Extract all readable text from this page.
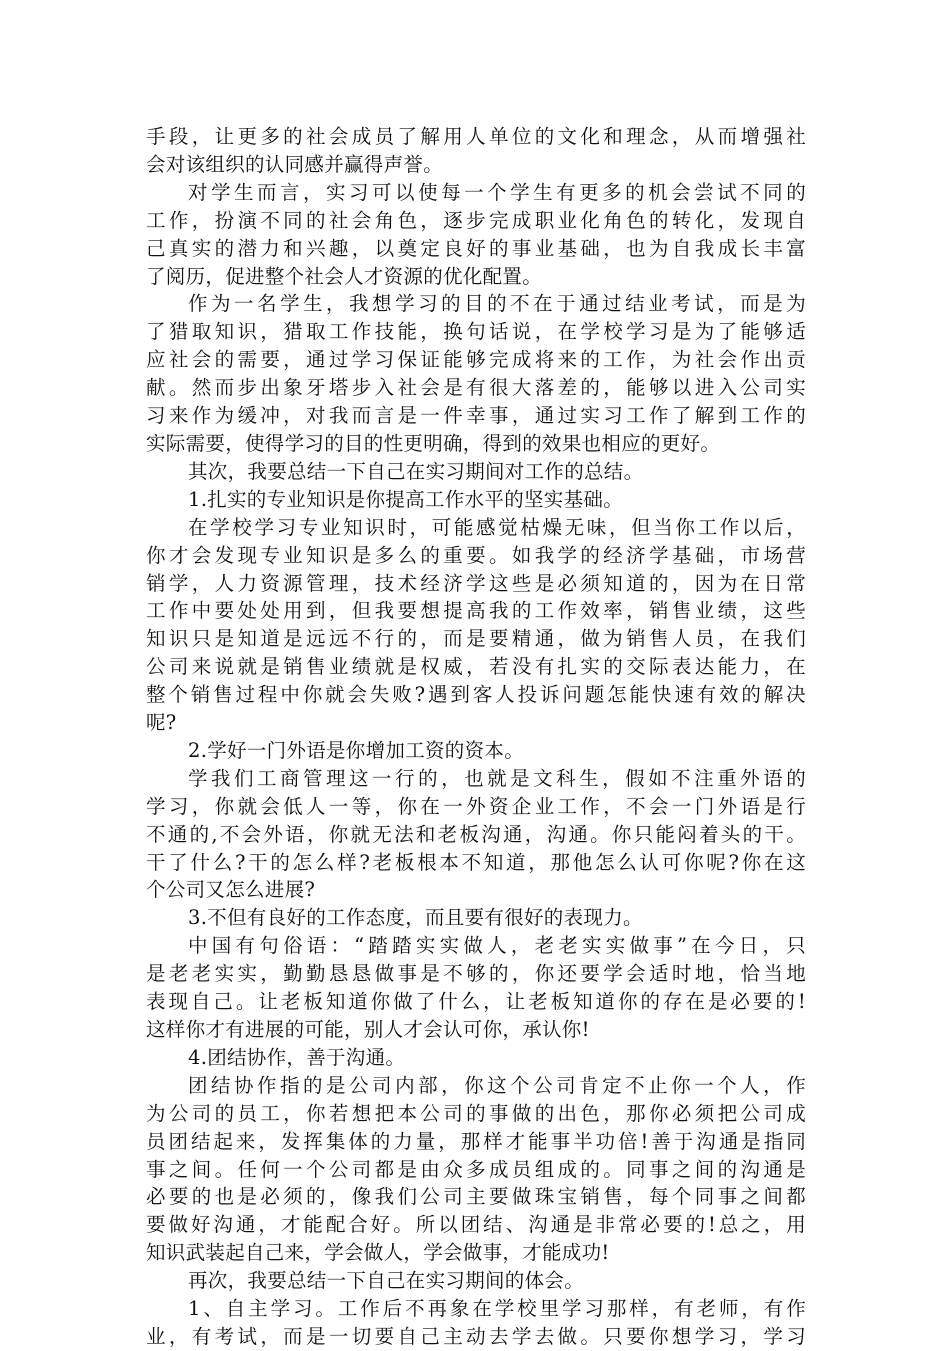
手段，让更多的社会成员了解用人单位的文化和理念，从而增强社
会对该组织的认同感并赢得声誉。
对学生而言，实习可以使每一个学生有更多的机会尝试不同的
工作，扮演不同的社会角色，逐步完成职业化角色的转化，发现自
己真实的潜力和兴趣，以奠定良好的事业基础，也为自我成长丰富
了阅历，促进整个社会人才资源的优化配置。
作为一名学生，我想学习的目的不在于通过结业考试，而是为
了猎取知识，猎取工作技能，换句话说，在学校学习是为了能够适
应社会的需要，通过学习保证能够完成将来的工作，为社会作出贡
献。然而步出象牙塔步入社会是有很大落差的，能够以进入公司实
习来作为缓冲，对我而言是一件幸事，通过实习工作了解到工作的
实际需要，使得学习的目的性更明确，得到的效果也相应的更好。
其次，我要总结一下自己在实习期间对工作的总结。
1.扎实的专业知识是你提高工作水平的坚实基础。
在学校学习专业知识时，可能感觉枯燥无味，但当你工作以后，
你才会发现专业知识是多么的重要。如我学的经济学基础，市场营
销学，人力资源管理，技术经济学这些是必须知道的，因为在日常
工作中要处处用到，但我要想提高我的工作效率，销售业绩，这些
知识只是知道是远远不行的，而是要精通，做为销售人员，在我们
公司来说就是销售业绩就是权威，若没有扎实的交际表达能力，在
整个销售过程中你就会失败?遇到客人投诉问题怎能快速有效的解决
呢?
2.学好一门外语是你增加工资的资本。
学我们工商管理这一行的，也就是文科生，假如不注重外语的
学习，你就会低人一等，你在一外资企业工作，不会一门外语是行
不通的,不会外语，你就无法和老板沟通，沟通。你只能闷着头的干。
干了什么?干的怎么样?老板根本不知道，那他怎么认可你呢?你在这
个公司又怎么进展?
3.不但有良好的工作态度，而且要有很好的表现力。
中国有句俗语：“踏踏实实做人，老老实实做事”在今日，只
是老老实实，勤勤恳恳做事是不够的，你还要学会适时地，恰当地
表现自己。让老板知道你做了什么，让老板知道你的存在是必要的!
这样你才有进展的可能，别人才会认可你，承认你!
4.团结协作，善于沟通。
团结协作指的是公司内部，你这个公司肯定不止你一个人，作
为公司的员工，你若想把本公司的事做的出色，那你必须把公司成
员团结起来，发挥集体的力量，那样才能事半功倍!善于沟通是指同
事之间。任何一个公司都是由众多成员组成的。同事之间的沟通是
必要的也是必须的，像我们公司主要做珠宝销售，每个同事之间都
要做好沟通，才能配合好。所以团结、沟通是非常必要的!总之，用
知识武装起自己来，学会做人，学会做事，才能成功!
再次，我要总结一下自己在实习期间的体会。
1、自主学习。工作后不再象在学校里学习那样，有老师，有作
业，有考试，而是一切要自己主动去学去做。只要你想学习，学习
